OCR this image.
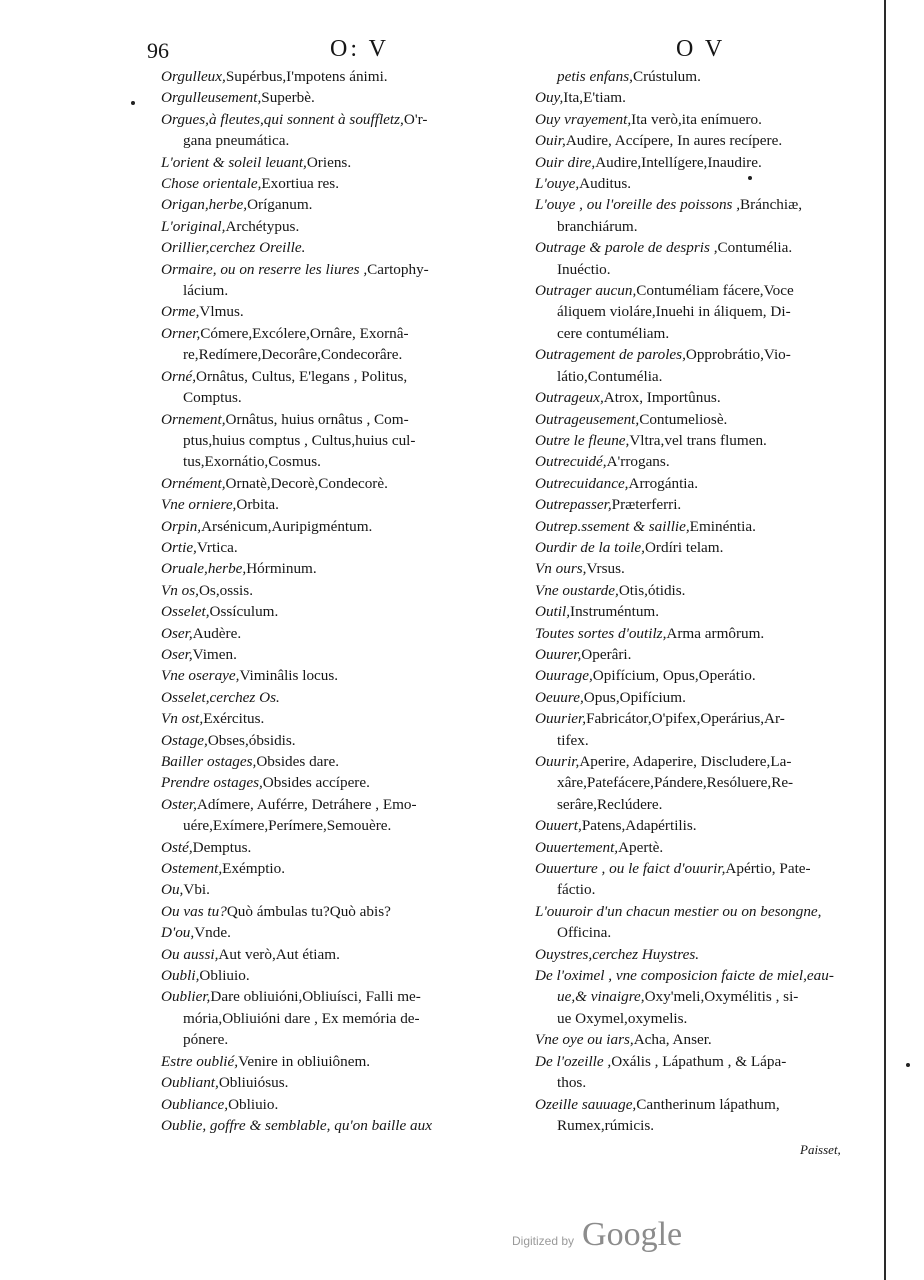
96	O: V	O V
Orgulleux,Supérbus,I'mpotens ánimi.
Orgulleusement,Superbè.
Orgues,à fleutes,qui sonnent à souffletz,O'r-
gana pneumática.
L'orient & soleil leuant,Oriens.
Chose orientale,Exortiua res.
Origan,herbe,Oríganum.
L'original,Archétypus.
Orillier,cerchez Oreille.
Ormaire, ou on reserre les liures ,Cartophy-
lácium.
Orme,Vlmus.
Orner,Cómere,Excólere,Ornâre, Exornâ-
re,Redímere,Decorâre,Condecorâre.
Orné,Ornâtus, Cultus, E'legans , Politus,
Comptus.
Ornement,Ornâtus, huius ornâtus , Com-
ptus,huius comptus , Cultus,huius cul-
tus,Exornátio,Cosmus.
Ornément,Ornatè,Decorè,Condecorè.
Vne orniere,Orbita.
Orpin,Arsénicum,Auripigméntum.
Ortie,Vrtica.
Oruale,herbe,Hórminum.
Vn os,Os,ossis.
Osselet,Ossículum.
Oser,Audère.
Oser,Vimen.
Vne oseraye,Viminâlis locus.
Osselet,cerchez Os.
Vn ost,Exércitus.
Ostage,Obses,óbsidis.
Bailler ostages,Obsides dare.
Prendre ostages,Obsides accípere.
Oster,Adímere, Auférre, Detráhere , Emo-
uére,Exímere,Perímere,Semouère.
Osté,Demptus.
Ostement,Exémptio.
Ou,Vbi.
Ou vas tu?Quò ámbulas tu?Quò abis?
D'ou,Vnde.
Ou aussi,Aut verò,Aut étiam.
Oubli,Obliuio.
Oublier,Dare obliuióni,Obliuísci, Falli me-
mória,Obliuióni dare , Ex memória de-
pónere.
Estre oublié,Venire in obliuiônem.
Oubliant,Obliuiósus.
Oubliance,Obliuio.
Oublie, goffre & semblable, qu'on baille aux
petis enfans,Crústulum.
Ouy,Ita,E'tiam.
Ouy vrayement,Ita verò,ita enímuero.
Ouir,Audire, Accípere, In aures recípere.
Ouir dire,Audire,Intellígere,Inaudire.
L'ouye,Auditus.
L'ouye , ou l'oreille des poissons ,Bránchiæ,
branchiárum.
Outrage & parole de despris ,Contumélia.
Inuéctio.
Outrager aucun,Contuméliam fácere,Voce
áliquem violáre,Inuehi in áliquem, Di-
cere contuméliam.
Outragement de paroles,Opprobrátio,Vio-
látio,Contumélia.
Outrageux,Atrox, Importûnus.
Outrageusement,Contumeliosè.
Outre le fleune,Vltra,vel trans flumen.
Outrecuidé,A'rrogans.
Outrecuidance,Arrogántia.
Outrepasser,Præterferri.
Outrep.ssement & saillie,Eminéntia.
Ourdir de la toile,Ordíri telam.
Vn ours,Vrsus.
Vne oustarde,Otis,ótidis.
Outil,Instruméntum.
Toutes sortes d'outilz,Arma armôrum.
Ouurer,Operâri.
Ouurage,Opifícium, Opus,Operátio.
Oeuure,Opus,Opifícium.
Ouurier,Fabricátor,O'pifex,Operárius,Ar-
tifex.
Ouurir,Aperire, Adaperire, Discludere,La-
xâre,Patefácere,Pándere,Resóluere,Re-
serâre,Reclúdere.
Ouuert,Patens,Adapértilis.
Ouuertement,Apertè.
Ouuerture , ou le faict d'ouurir,Apértio, Pate-
fáctio.
L'ouuroir d'un chacun mestier ou on besongne,
Officina.
Ouystres,cerchez Huystres.
De l'oximel , vne composicion faicte de miel,eau-
ue,& vinaigre,Oxy'meli,Oxymélitis , si-
ue Oxymel,oxymelis.
Vne oye ou iars,Acha, Anser.
De l'ozeille ,Oxális , Lápathum , & Lápa-
thos.
Ozeille sauuage,Cantherinum lápathum,
Rumex,rúmicis.
Paisset,
Digitized by Google
